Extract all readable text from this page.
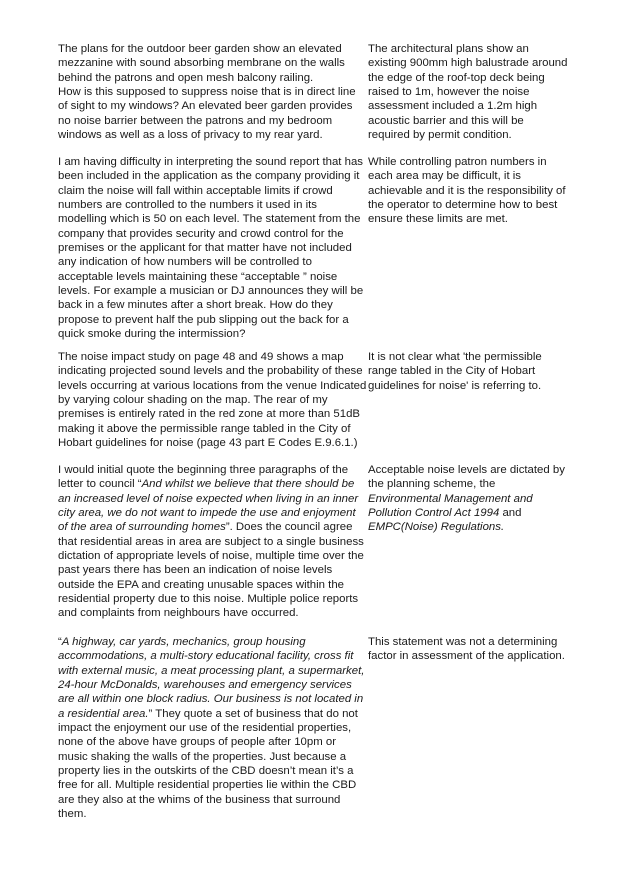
The plans for the outdoor beer garden show an elevated mezzanine with sound absorbing membrane on the walls behind the patrons and open mesh balcony railing.
How is this supposed to suppress noise that is in direct line of sight to my windows? An elevated beer garden provides no noise barrier between the patrons and my bedroom windows as well as a loss of privacy to my rear yard.

The architectural plans show an existing 900mm high balustrade around the edge of the roof-top deck being raised to 1m, however the noise assessment included a 1.2m high acoustic barrier and this will be required by permit condition.

I am having difficulty in interpreting the sound report that has been included in the application as the company providing it claim the noise will fall within acceptable limits if crowd numbers are controlled to the numbers it used in its modelling which is 50 on each level. The statement from the company that provides security and crowd control for the premises or the applicant for that matter have not included any indication of how numbers will be controlled to acceptable levels maintaining these “acceptable ” noise levels. For example a musician or DJ announces they will be back in a few minutes after a short break. How do they propose to prevent half the pub slipping out the back for a quick smoke during the intermission?

While controlling patron numbers in each area may be difficult, it is achievable and it is the responsibility of the operator to determine how to best ensure these limits are met.

The noise impact study on page 48 and 49 shows a map indicating projected sound levels and the probability of these levels occurring at various locations from the venue Indicated by varying colour shading on the map. The rear of my premises is entirely rated in the red zone at more than 51dB making it above the permissible range tabled in the City of Hobart guidelines for noise (page 43 part E Codes E.9.6.1.)

It is not clear what 'the permissible range tabled in the City of Hobart guidelines for noise' is referring to.

I would initial quote the beginning three paragraphs of the letter to council “And whilst we believe that there should be an increased level of noise expected when living in an inner city area, we do not want to impede the use and enjoyment of the area of surrounding homes”. Does the council agree that residential areas in area are subject to a single business dictation of appropriate levels of noise, multiple time over the past years there has been an indication of noise levels outside the EPA and creating unusable spaces within the residential property due to this noise. Multiple police reports and complaints from neighbours have occurred.

Acceptable noise levels are dictated by the planning scheme, the Environmental Management and Pollution Control Act 1994 and EMPC(Noise) Regulations.

“A highway, car yards, mechanics, group housing accommodations, a multi-story educational facility, cross fit with external music, a meat processing plant, a supermarket, 24-hour McDonalds, warehouses and emergency services are all within one block radius. Our business is not located in a residential area.” They quote a set of business that do not impact the enjoyment our use of the residential properties, none of the above have groups of people after 10pm or music shaking the walls of the properties. Just because a property lies in the outskirts of the CBD doesn’t mean it’s a free for all. Multiple residential properties lie within the CBD are they also at the whims of the business that surround them.

This statement was not a determining factor in assessment of the application.
